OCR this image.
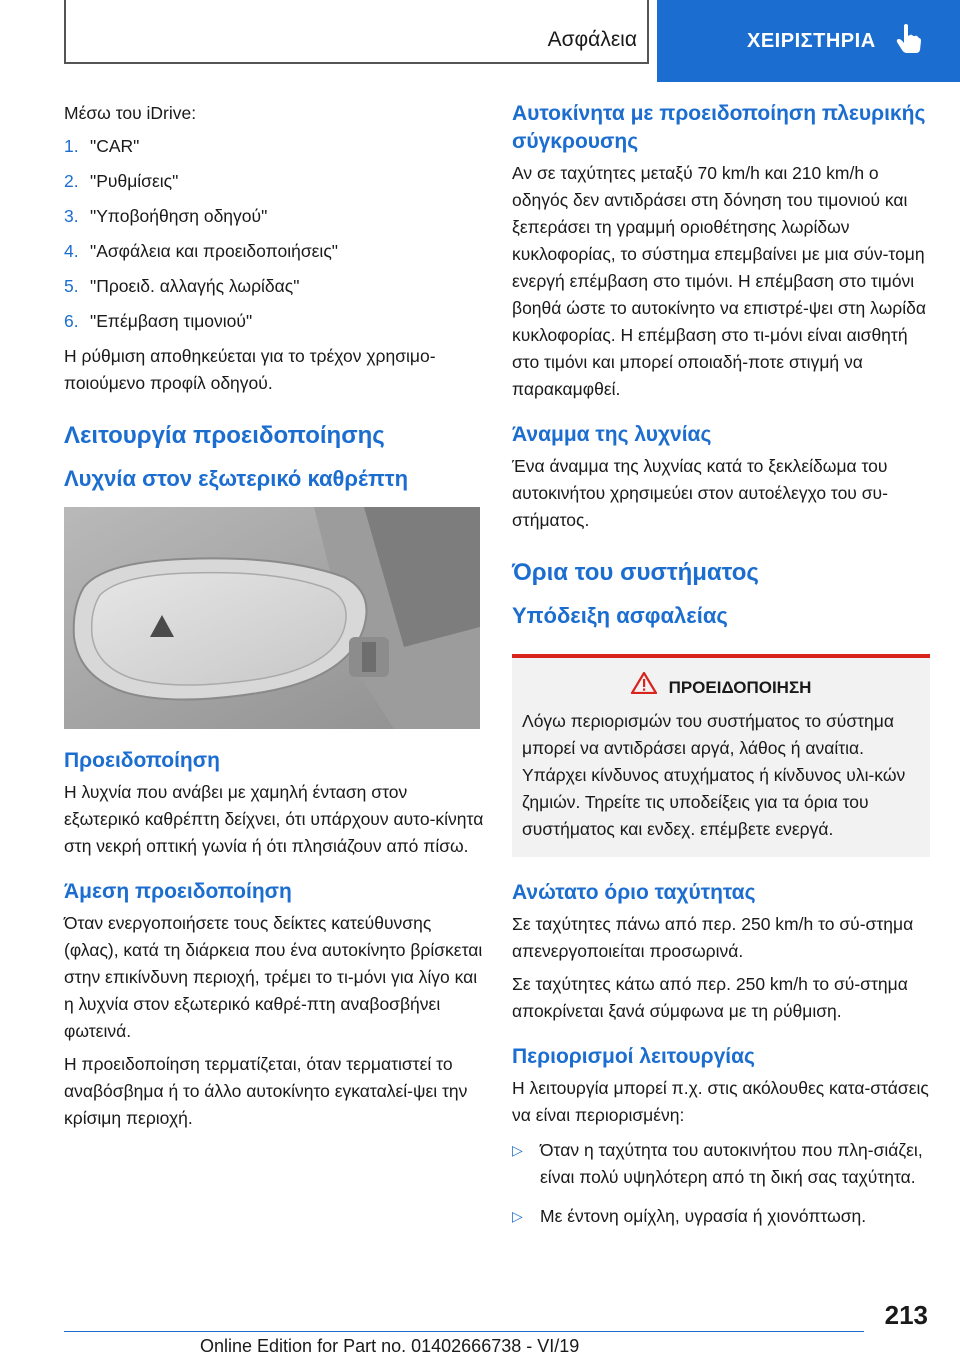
Ασφάλεια	ΧΕΙΡΙΣΤΗΡΙΑ

Μέσω του iDrive:

1. "CAR"
2. "Ρυθμίσεις"
3. "Υποβοήθηση οδηγού"
4. "Ασφάλεια και προειδοποιήσεις"
5. "Προειδ. αλλαγής λωρίδας"
6. "Επέμβαση τιμονιού"

Η ρύθμιση αποθηκεύεται για το τρέχον χρησιμο-ποιούμενο προφίλ οδηγού.

Λειτουργία προειδοποίησης
Λυχνία στον εξωτερικό καθρέπτη
Προειδοποίηση

Η λυχνία που ανάβει με χαμηλή ένταση στον εξωτερικό καθρέπτη δείχνει, ότι υπάρχουν αυτο-κίνητα στη νεκρή οπτική γωνία ή ότι πλησιάζουν από πίσω.

Άμεση προειδοποίηση

Όταν ενεργοποιήσετε τους δείκτες κατεύθυνσης (φλας), κατά τη διάρκεια που ένα αυτοκίνητο βρίσκεται στην επικίνδυνη περιοχή, τρέμει το τι-μόνι για λίγο και η λυχνία στον εξωτερικό καθρέ-πτη αναβοσβήνει φωτεινά.

Η προειδοποίηση τερματίζεται, όταν τερματιστεί το αναβόσβημα ή το άλλο αυτοκίνητο εγκαταλεί-ψει την κρίσιμη περιοχή.

Αυτοκίνητα με προειδοποίηση πλευρικής σύγκρουσης

Αν σε ταχύτητες μεταξύ 70 km/h και 210 km/h ο οδηγός δεν αντιδράσει στη δόνηση του τιμονιού και ξεπεράσει τη γραμμή οριοθέτησης λωρίδων κυκλοφορίας, το σύστημα επεμβαίνει με μια σύν-τομη ενεργή επέμβαση στο τιμόνι. Η επέμβαση στο τιμόνι βοηθά ώστε το αυτοκίνητο να επιστρέ-ψει στη λωρίδα κυκλοφορίας. Η επέμβαση στο τι-μόνι είναι αισθητή στο τιμόνι και μπορεί οποιαδή-ποτε στιγμή να παρακαμφθεί.

Άναμμα της λυχνίας

Ένα άναμμα της λυχνίας κατά το ξεκλείδωμα του αυτοκινήτου χρησιμεύει στον αυτοέλεγχο του συ-στήματος.

Όρια του συστήματος
Υπόδειξη ασφαλείας
ΠΡΟΕΙΔΟΠΟΙΗΣΗ
Λόγω περιορισμών του συστήματος το σύστημα μπορεί να αντιδράσει αργά, λάθος ή αναίτια. Υπάρχει κίνδυνος ατυχήματος ή κίνδυνος υλι-κών ζημιών. Τηρείτε τις υποδείξεις για τα όρια του συστήματος και ενδεχ. επέμβετε ενεργά.
Ανώτατο όριο ταχύτητας

Σε ταχύτητες πάνω από περ. 250 km/h το σύ-στημα απενεργοποιείται προσωρινά.

Σε ταχύτητες κάτω από περ. 250 km/h το σύ-στημα αποκρίνεται ξανά σύμφωνα με τη ρύθμιση.

Περιορισμοί λειτουργίας

Η λειτουργία μπορεί π.χ. στις ακόλουθες κατα-στάσεις να είναι περιορισμένη:

▷ Όταν η ταχύτητα του αυτοκινήτου που πλη-σιάζει, είναι πολύ υψηλότερη από τη δική σας ταχύτητα.
▷ Με έντονη ομίχλη, υγρασία ή χιονόπτωση.
213
Online Edition for Part no. 01402666738 - VI/19
